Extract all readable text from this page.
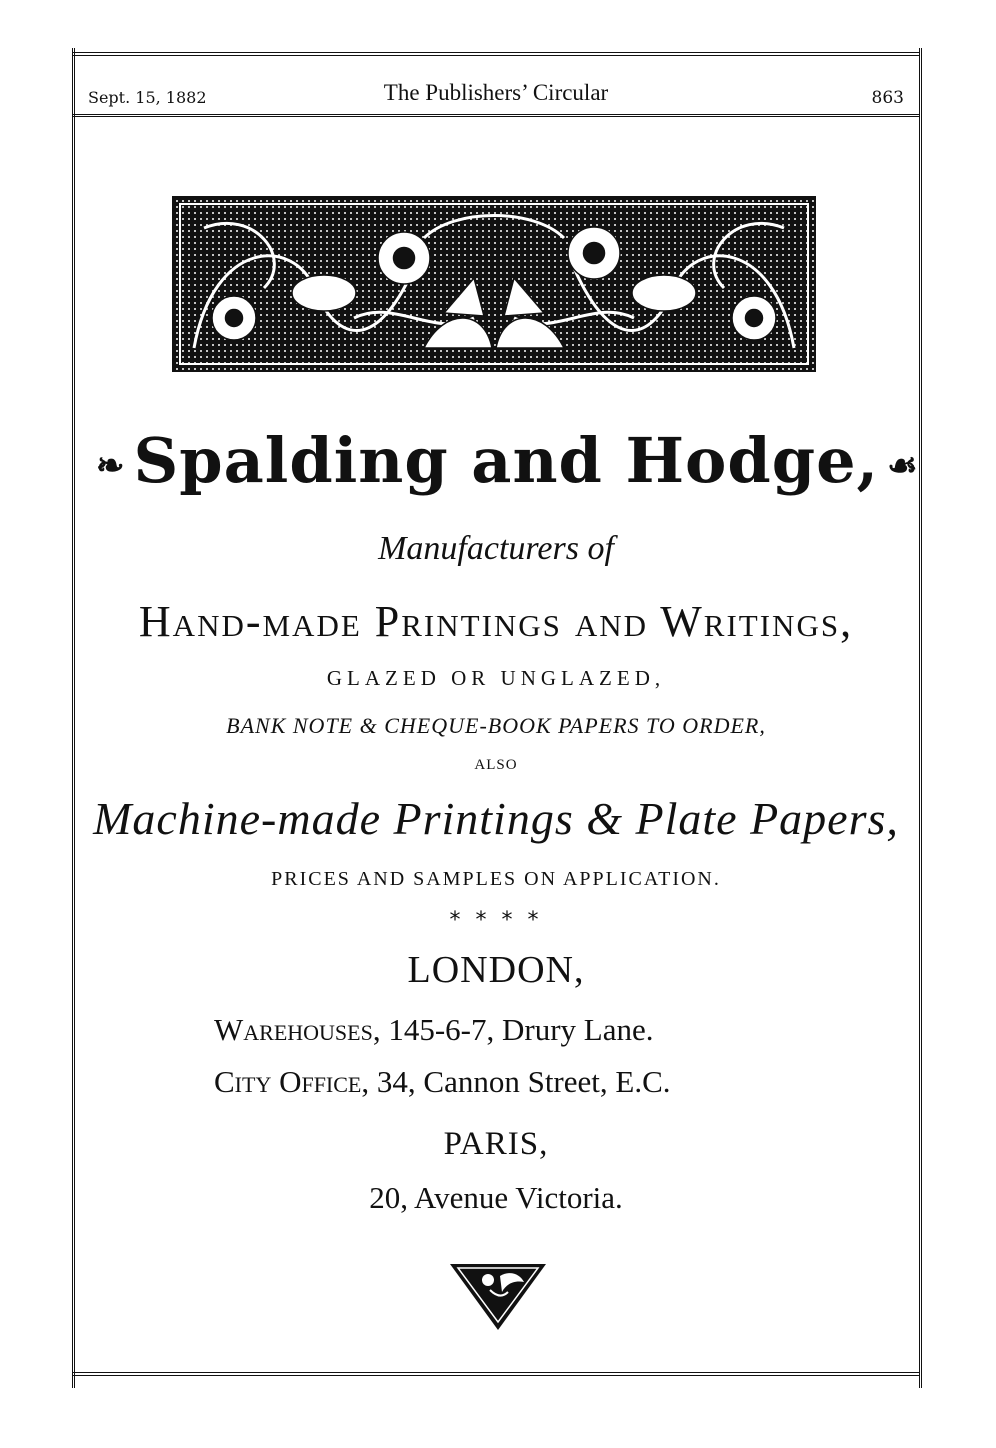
Sept. 15, 1882	The Publishers’ Circular	863
❧ Spalding and Hodge, ☙
Manufacturers of
Hand-made Printings and Writings,
GLAZED OR UNGLAZED,
BANK NOTE & CHEQUE-BOOK PAPERS TO ORDER,
ALSO
Machine-made Printings & Plate Papers,
PRICES AND SAMPLES ON APPLICATION.
* * * *
LONDON,
Warehouses, 145-6-7, Drury Lane.
City Office, 34, Cannon Street, E.C.
PARIS,
20, Avenue Victoria.
